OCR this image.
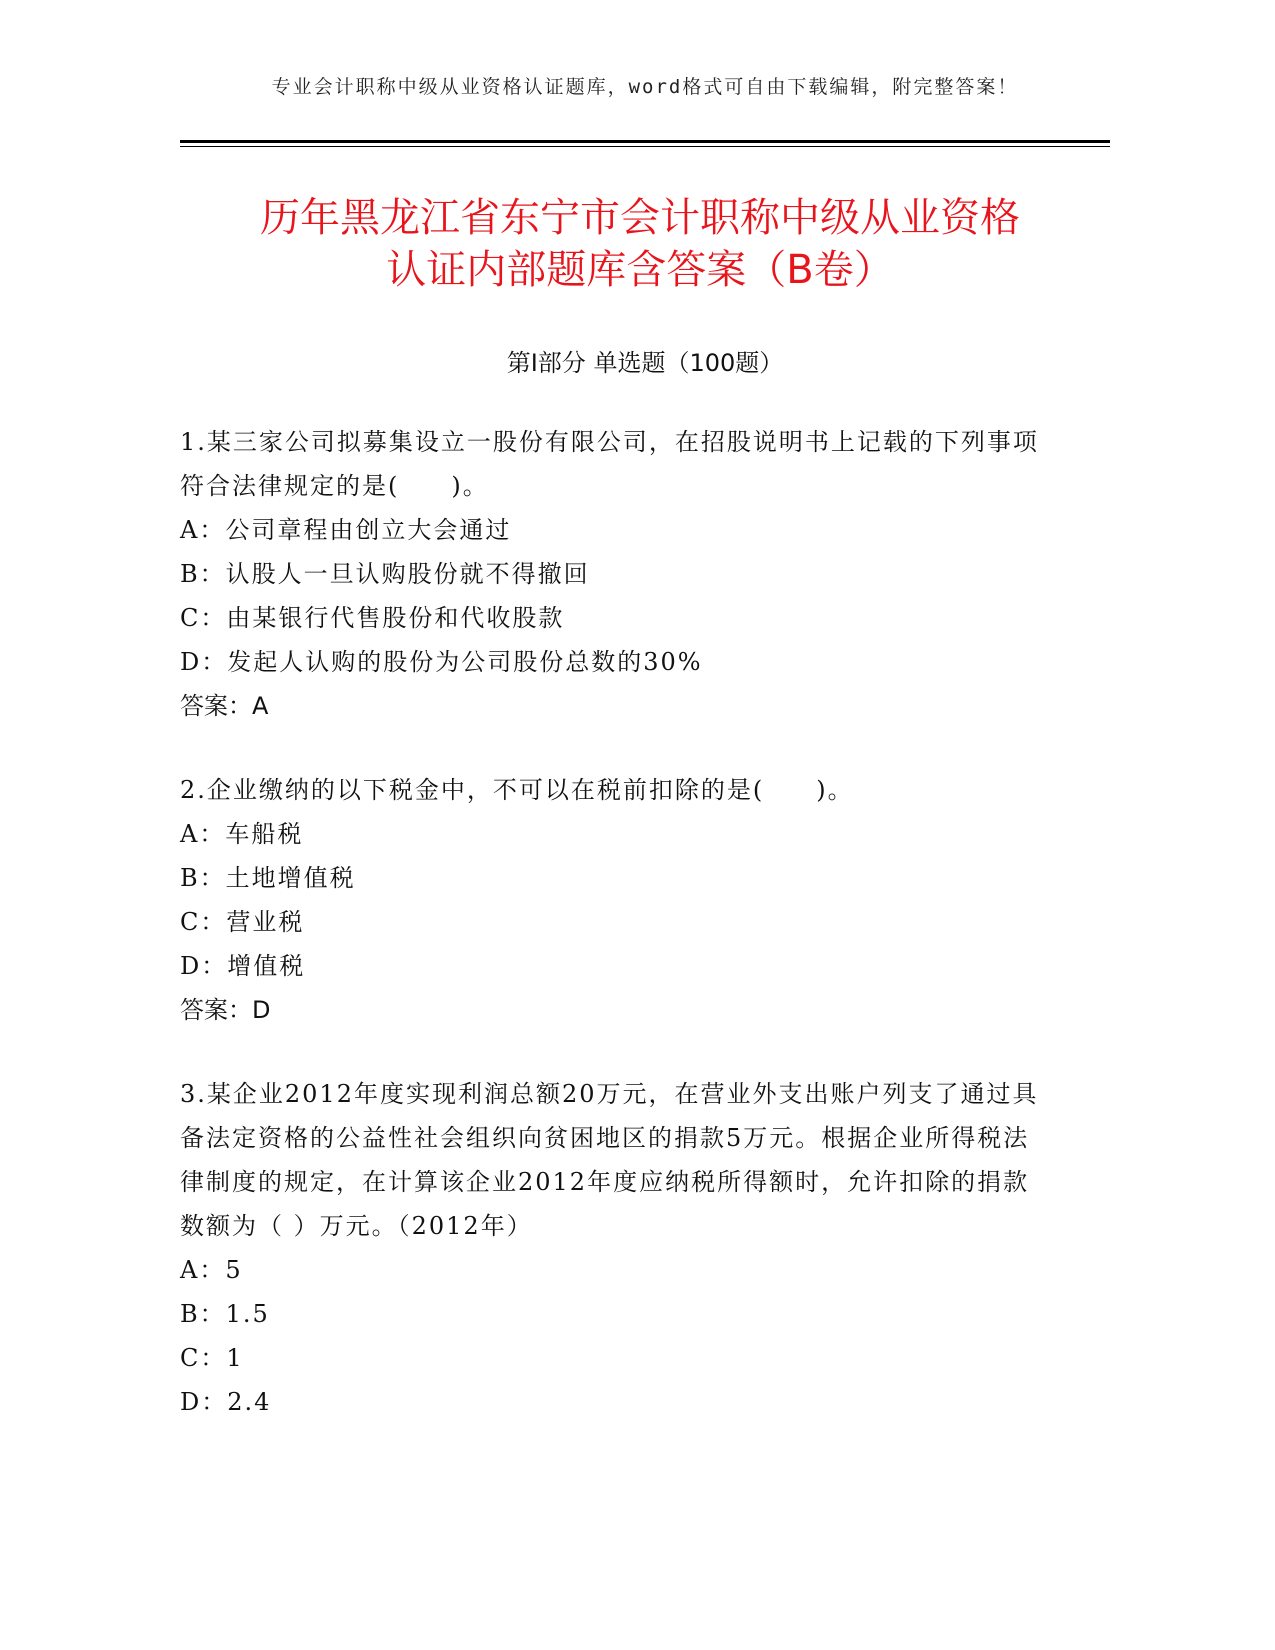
专业会计职称中级从业资格认证题库，word格式可自由下载编辑，附完整答案！
历年黑龙江省东宁市会计职称中级从业资格
认证内部题库含答案（B卷）
第I部分 单选题（100题）
1.某三家公司拟募集设立一股份有限公司，在招股说明书上记载的下列事项符合法律规定的是(　　)。
A：公司章程由创立大会通过
B：认股人一旦认购股份就不得撤回
C：由某银行代售股份和代收股款
D：发起人认购的股份为公司股份总数的30%
答案：A
2.企业缴纳的以下税金中，不可以在税前扣除的是(　　)。
A：车船税
B：土地增值税
C：营业税
D：增值税
答案：D
3.某企业2012年度实现利润总额20万元，在营业外支出账户列支了通过具备法定资格的公益性社会组织向贫困地区的捐款5万元。根据企业所得税法律制度的规定，在计算该企业2012年度应纳税所得额时，允许扣除的捐款数额为（ ）万元。（2012年）
A：5
B：1.5
C：1
D：2.4
